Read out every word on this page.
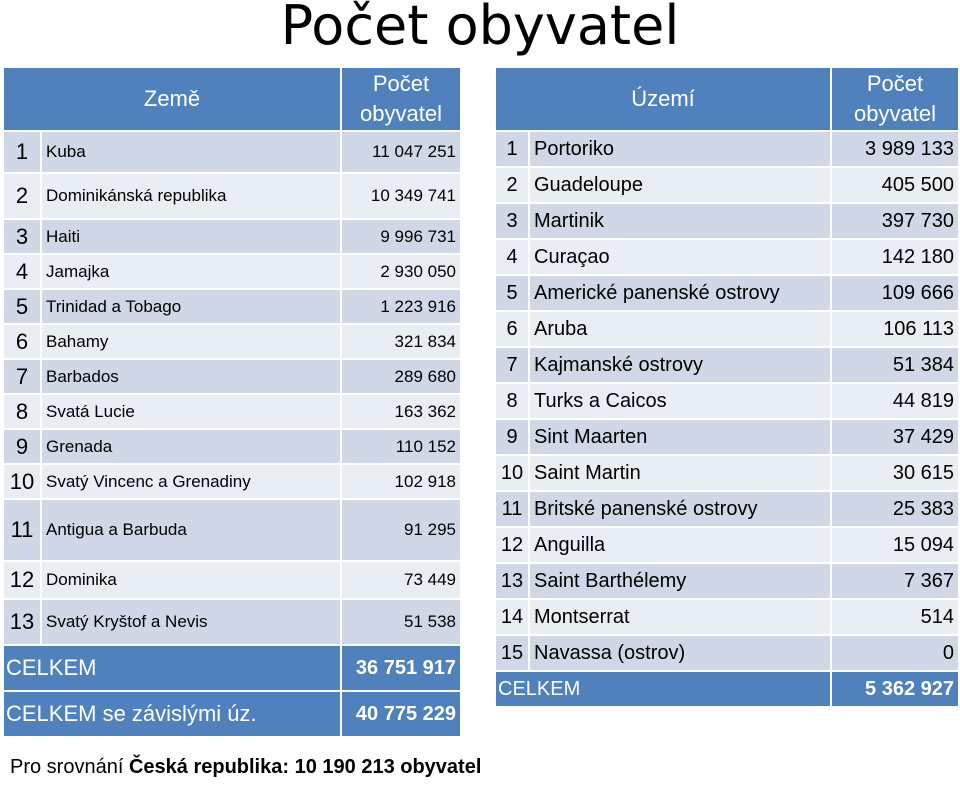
Počet obyvatel
Země		Počet obyvatel
1	Kuba	11 047 251
2	Dominikánská republika	10 349 741
3	Haiti	9 996 731
4	Jamajka	2 930 050
5	Trinidad a Tobago	1 223 916
6	Bahamy	321 834
7	Barbados	289 680
8	Svatá Lucie	163 362
9	Grenada	110 152
10	Svatý Vincenc a Grenadiny	102 918
11	Antigua a Barbuda	91 295
12	Dominika	73 449
13	Svatý Kryštof a Nevis	51 538
CELKEM		36 751 917
CELKEM se závislými úz.		40 775 229
Území		Počet obyvatel
1	Portoriko	3 989 133
2	Guadeloupe	405 500
3	Martinik	397 730
4	Curaçao	142 180
5	Americké panenské ostrovy	109 666
6	Aruba	106 113
7	Kajmanské ostrovy	51 384
8	Turks a Caicos	44 819
9	Sint Maarten	37 429
10	Saint Martin	30 615
11	Britské panenské ostrovy	25 383
12	Anguilla	15 094
13	Saint Barthélemy	7 367
14	Montserrat	514
15	Navassa (ostrov)	0
CELKEM		5 362 927
Pro srovnání Česká republika: 10 190 213 obyvatel
